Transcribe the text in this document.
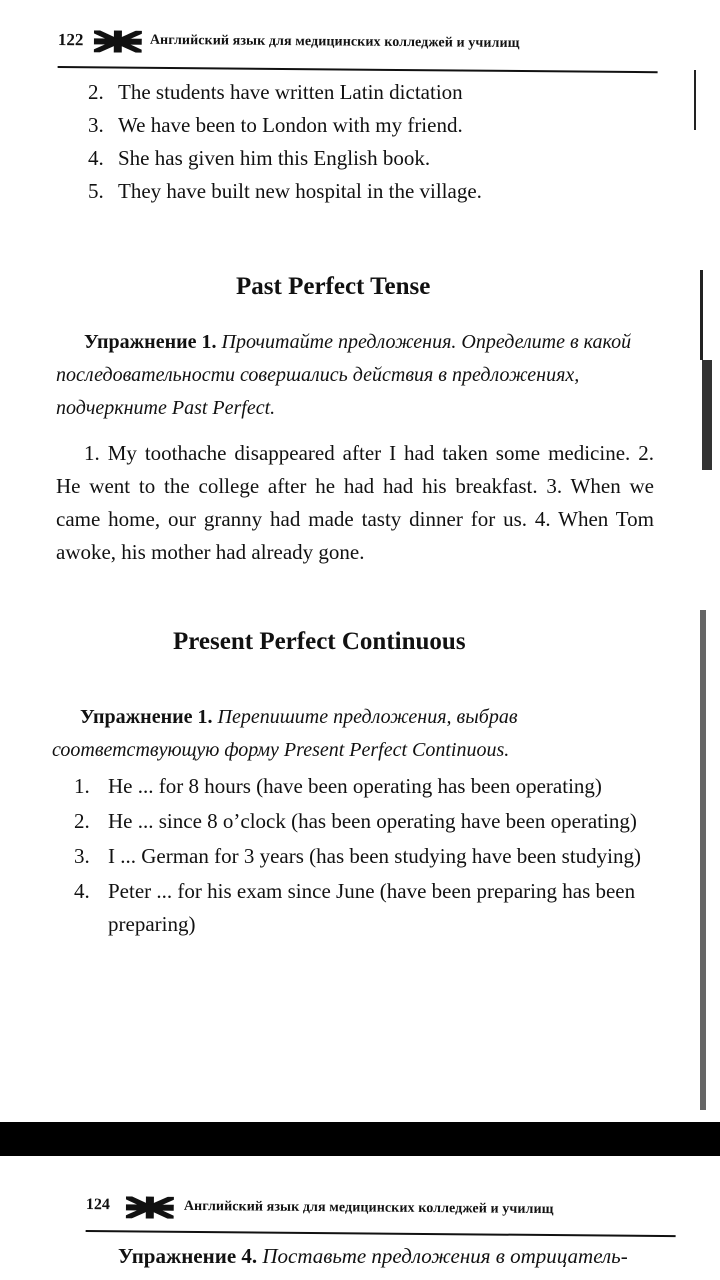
122	Английский язык для медицинских колледжей и училищ
2. The students have written Latin dictation
3. We have been to London with my friend.
4. She has given him this English book.
5. They have built new hospital in the village.
Past Perfect Tense
Упражнение 1. Прочитайте предложения. Определите в какой последовательности совершались действия в предложениях, подчеркните Past Perfect.
1. My toothache disappeared after I had taken some medicine. 2. He went to the college after he had had his breakfast. 3. When we came home, our granny had made tasty dinner for us. 4. When Tom awoke, his mother had already gone.
Present Perfect Continuous
Упражнение 1. Перепишите предложения, выбрав соответствующую форму Present Perfect Continuous.
1. He ... for 8 hours (have been operating has been operating)
2. He ... since 8 o’clock (has been operating have been operating)
3. I ... German for 3 years (has been studying have been studying)
4. Peter ... for his exam since June (have been preparing has been preparing)
124	Английский язык для медицинских колледжей и училищ
Упражнение 4. Поставьте предложения в отрицатель-
